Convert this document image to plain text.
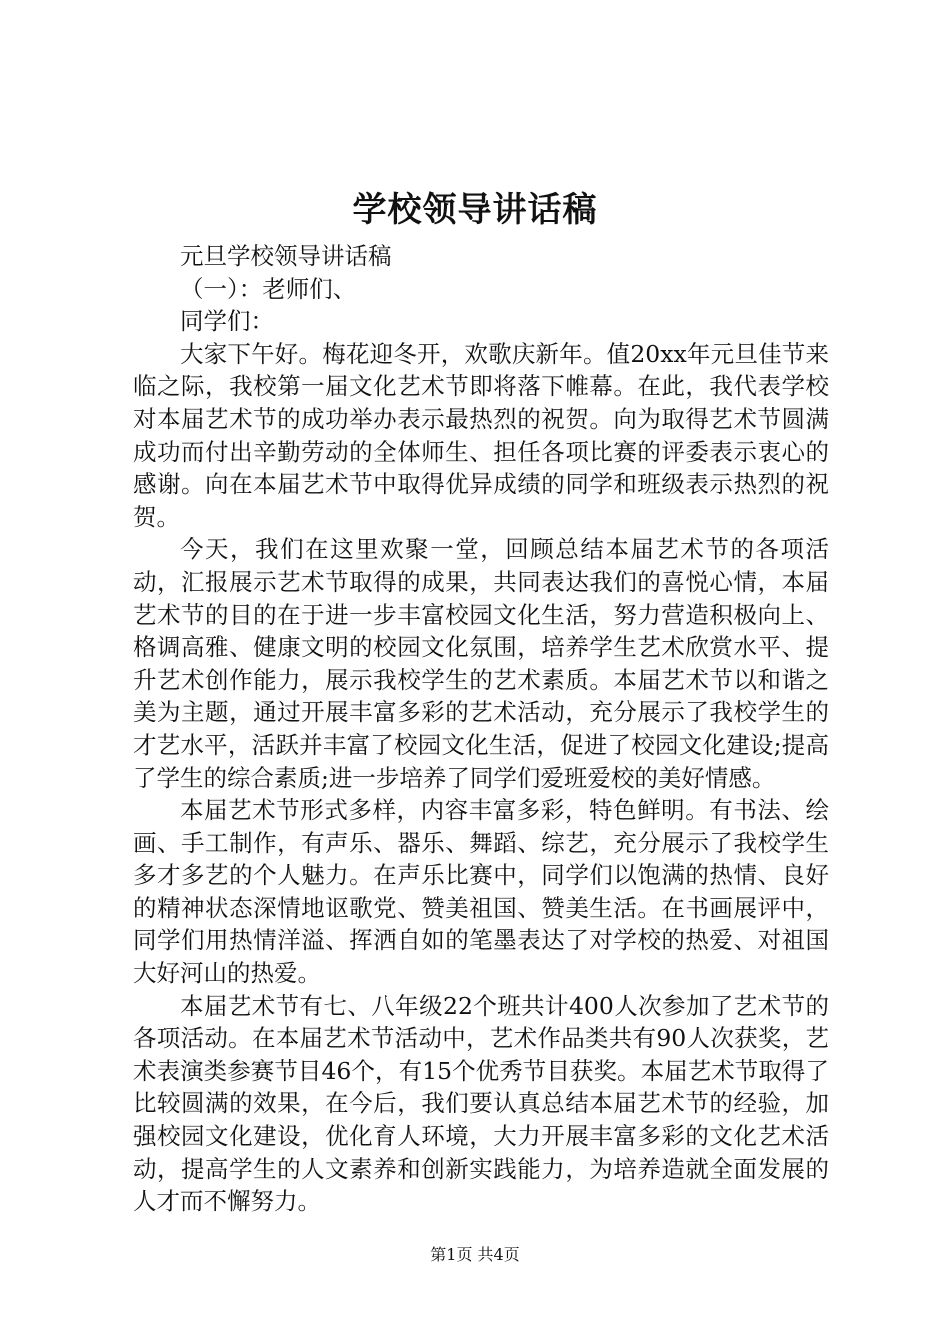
学校领导讲话稿

元旦学校领导讲话稿

（一）：老师们、

同学们：

大家下午好。梅花迎冬开，欢歌庆新年。值20xx年元旦佳节来临之际，我校第一届文化艺术节即将落下帷幕。在此，我代表学校对本届艺术节的成功举办表示最热烈的祝贺。向为取得艺术节圆满成功而付出辛勤劳动的全体师生、担任各项比赛的评委表示衷心的感谢。向在本届艺术节中取得优异成绩的同学和班级表示热烈的祝贺。

今天，我们在这里欢聚一堂，回顾总结本届艺术节的各项活动，汇报展示艺术节取得的成果，共同表达我们的喜悦心情，本届艺术节的目的在于进一步丰富校园文化生活，努力营造积极向上、格调高雅、健康文明的校园文化氛围，培养学生艺术欣赏水平、提升艺术创作能力，展示我校学生的艺术素质。本届艺术节以和谐之美为主题，通过开展丰富多彩的艺术活动，充分展示了我校学生的才艺水平，活跃并丰富了校园文化生活，促进了校园文化建设;提高了学生的综合素质;进一步培养了同学们爱班爱校的美好情感。

本届艺术节形式多样，内容丰富多彩，特色鲜明。有书法、绘画、手工制作，有声乐、器乐、舞蹈、综艺，充分展示了我校学生多才多艺的个人魅力。在声乐比赛中，同学们以饱满的热情、良好的精神状态深情地讴歌党、赞美祖国、赞美生活。在书画展评中，同学们用热情洋溢、挥洒自如的笔墨表达了对学校的热爱、对祖国大好河山的热爱。

本届艺术节有七、八年级22个班共计400人次参加了艺术节的各项活动。在本届艺术节活动中，艺术作品类共有90人次获奖，艺术表演类参赛节目46个，有15个优秀节目获奖。本届艺术节取得了比较圆满的效果，在今后，我们要认真总结本届艺术节的经验，加强校园文化建设，优化育人环境，大力开展丰富多彩的文化艺术活动，提高学生的人文素养和创新实践能力，为培养造就全面发展的人才而不懈努力。

第1页 共4页
